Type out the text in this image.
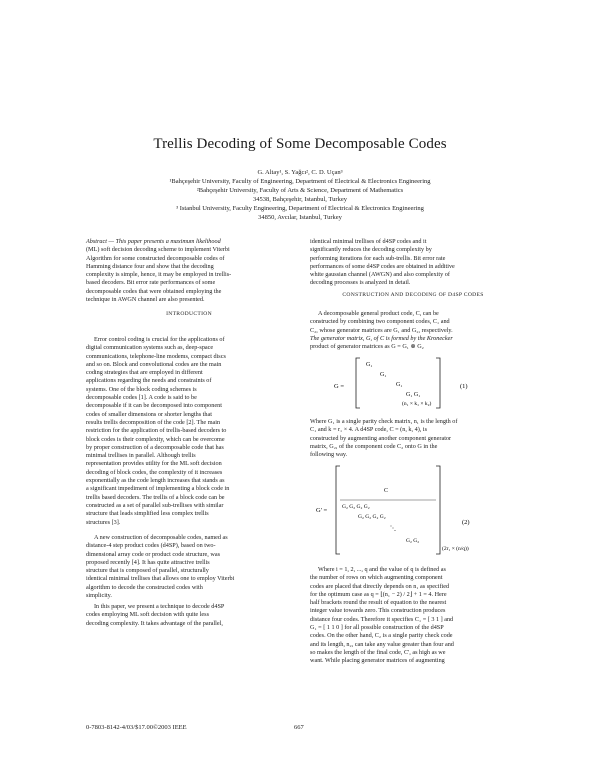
Trellis Decoding of Some Decomposable Codes
G. Altay¹, S. Yağcı², C. D. Uçan³
¹Bahçeşehir University, Faculty of Engineering, Department of Electrical & Electronics Engineering
²Bahçeşehir University, Faculty of Arts & Science, Department of Mathematics
34538, Bahçeşehir, Istanbul, Turkey
³ Istanbul University, Faculty Engineering, Department of Electrical & Electronics Engineering
34850, Avcılar, Istanbul, Turkey

Abstract — This paper presents a maximum likelihood

(ML) soft decision decoding scheme to implement Viterbi

Algorithm for some constructed decomposable codes of

Hamming distance four and show that the decoding

complexity is simple, hence, it may be employed in trellis-

based decoders. Bit error rate performances of some

decomposable codes that were obtained employing the

technique in AWGN channel are also presented.

INTRODUCTION

Error control coding is crucial for the applications of

digital communication systems such as, deep-space

communications, telephone-line modems, compact discs

and so on. Block and convolutional codes are the main

coding strategies that are employed in different

applications regarding the needs and constraints of

systems. One of the block coding schemes is

decomposable codes [1]. A code is said to be

decomposable if it can be decomposed into component

codes of smaller dimensions or shorter lengths that

results trellis decomposition of the code [2]. The main

restriction for the application of trellis-based decoders to

block codes is their complexity, which can be overcome

by proper construction of a decomposable code that has

minimal trellises in parallel. Although trellis

representation provides utility for the ML soft decision

decoding of block codes, the complexity of it increases

exponentially as the code length increases that stands as

a significant impediment of implementing a block code in

trellis based decoders. The trellis of a block code can be

constructed as a set of parallel sub-trellises with similar

structure that leads simplified less complex trellis

structures [3].

A new construction of decomposable codes, named as

distance-4 step product codes (d4SP), based on two-

dimensional array code or product code structure, was

proposed recently [4]. It has quite attractive trellis

structure that is composed of parallel, structurally

identical minimal trellises that allows one to employ Viterbi

algorithm to decode the constructed codes with

simplicity.

In this paper, we present a technique to decode d4SP

codes employing ML soft decision with quite less

decoding complexity. It takes advantage of the parallel,

identical minimal trellises of d4SP codes and it

significantly reduces the decoding complexity by

performing iterations for each sub-trellis. Bit error rate

performances of some d4SP codes are obtained in additive

white gaussian channel (AWGN) and also complexity of

decoding processes is analyzed in detail.

CONSTRUCTION AND DECODING OF D4SP CODES

A decomposable general product code, C, can be

constructed by combining two component codes, C₁ and

C₂, whose generator matrices are G₁ and G₂, respectively.

The generator matrix, G, of C is formed by the Kronecker

product of generator matrices as G = G₁ ⊗ G₂

G =
G₁
G₁
G₁
G₁ G₁
(n₁ × k₁ × k₂)
(1)

Where G₁ is a single parity check matrix, n₁ is the length of

C₁ and k = r₁ × 4. A d4SP code, C = (n, k, 4), is

constructed by augmenting another component generator

matrix, G₂, of the component code C₂ onto G in the

following way.

G' =
C
G₂ G₂ G₂ G₂
G₂ G₂ G₂ G₂
⋱
G₂ G₂
(2r₁ × (n/q))
(2)

Where i = 1, 2, ..., q and the value of q is defined as

the number of rows on which augmenting component

codes are placed that directly depends on n₁ as specified

for the optimum case as q = ⌊(n₁ − 2) / 2⌋ + 1 = 4. Here

half brackets round the result of equation to the nearest

integer value towards zero. This construction produces

distance four codes. Therefore it specifies C₁ = [ 3 1 ] and

G₁ = [ 1 1 0 ] for all possible construction of the d4SP

codes. On the other hand, C₂ is a single parity check code

and its length, n₂, can take any value greater than four and

so makes the length of the final code, C', as high as we

want. While placing generator matrices of augmenting

0-7803-8142-4/03/$17.00©2003 IEEE	667
